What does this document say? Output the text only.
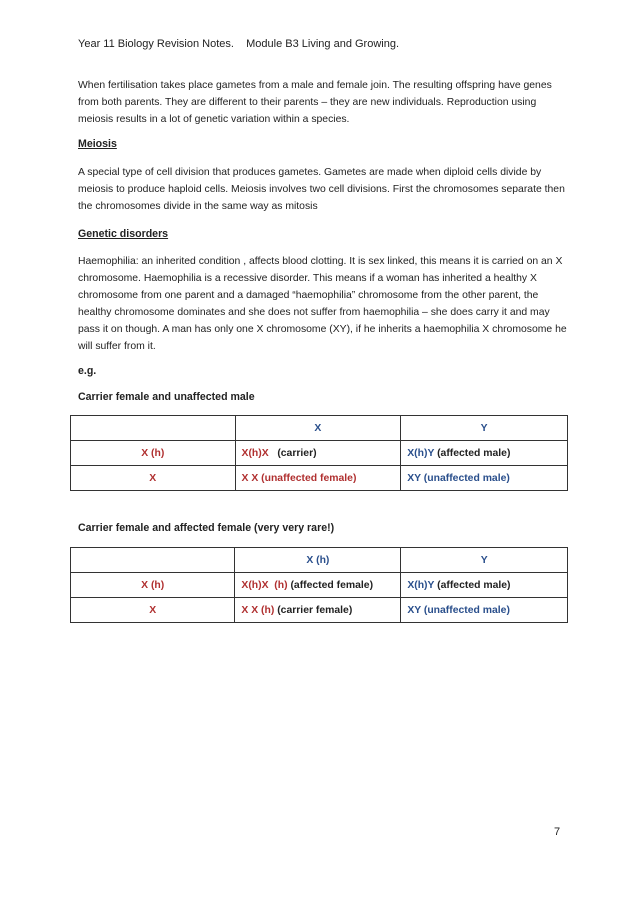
Year 11 Biology Revision Notes.    Module B3 Living and Growing.

When fertilisation takes place gametes from a male and female join. The resulting offspring have genes from both parents. They are different to their parents – they are new individuals. Reproduction using meiosis results in a lot of genetic variation within a species.

Meiosis

A special type of cell division that produces gametes. Gametes are made when diploid cells divide by meiosis to produce haploid cells. Meiosis involves two cell divisions. First the chromosomes separate then the chromosomes divide in the same way as mitosis

Genetic disorders

Haemophilia: an inherited condition , affects blood clotting. It is sex linked, this means it is carried on an X chromosome. Haemophilia is a recessive disorder. This means if a woman has inherited a healthy X chromosome from one parent and a damaged “haemophilia” chromosome from the other parent, the healthy chromosome dominates and she does not suffer from haemophilia – she does carry it and may pass it on though. A man has only one X chromosome (XY), if he inherits a haemophilia X chromosome he will suffer from it.

e.g.

Carrier female and unaffected male

	X	Y
X (h)	X(h)X   (carrier)	X(h)Y (affected male)
X	X X (unaffected female)	XY (unaffected male)

Carrier female and affected female (very very rare!)

	X (h)	Y
X (h)	X(h)X  (h) (affected female)	X(h)Y (affected male)
X	X X (h) (carrier female)	XY (unaffected male)
7
